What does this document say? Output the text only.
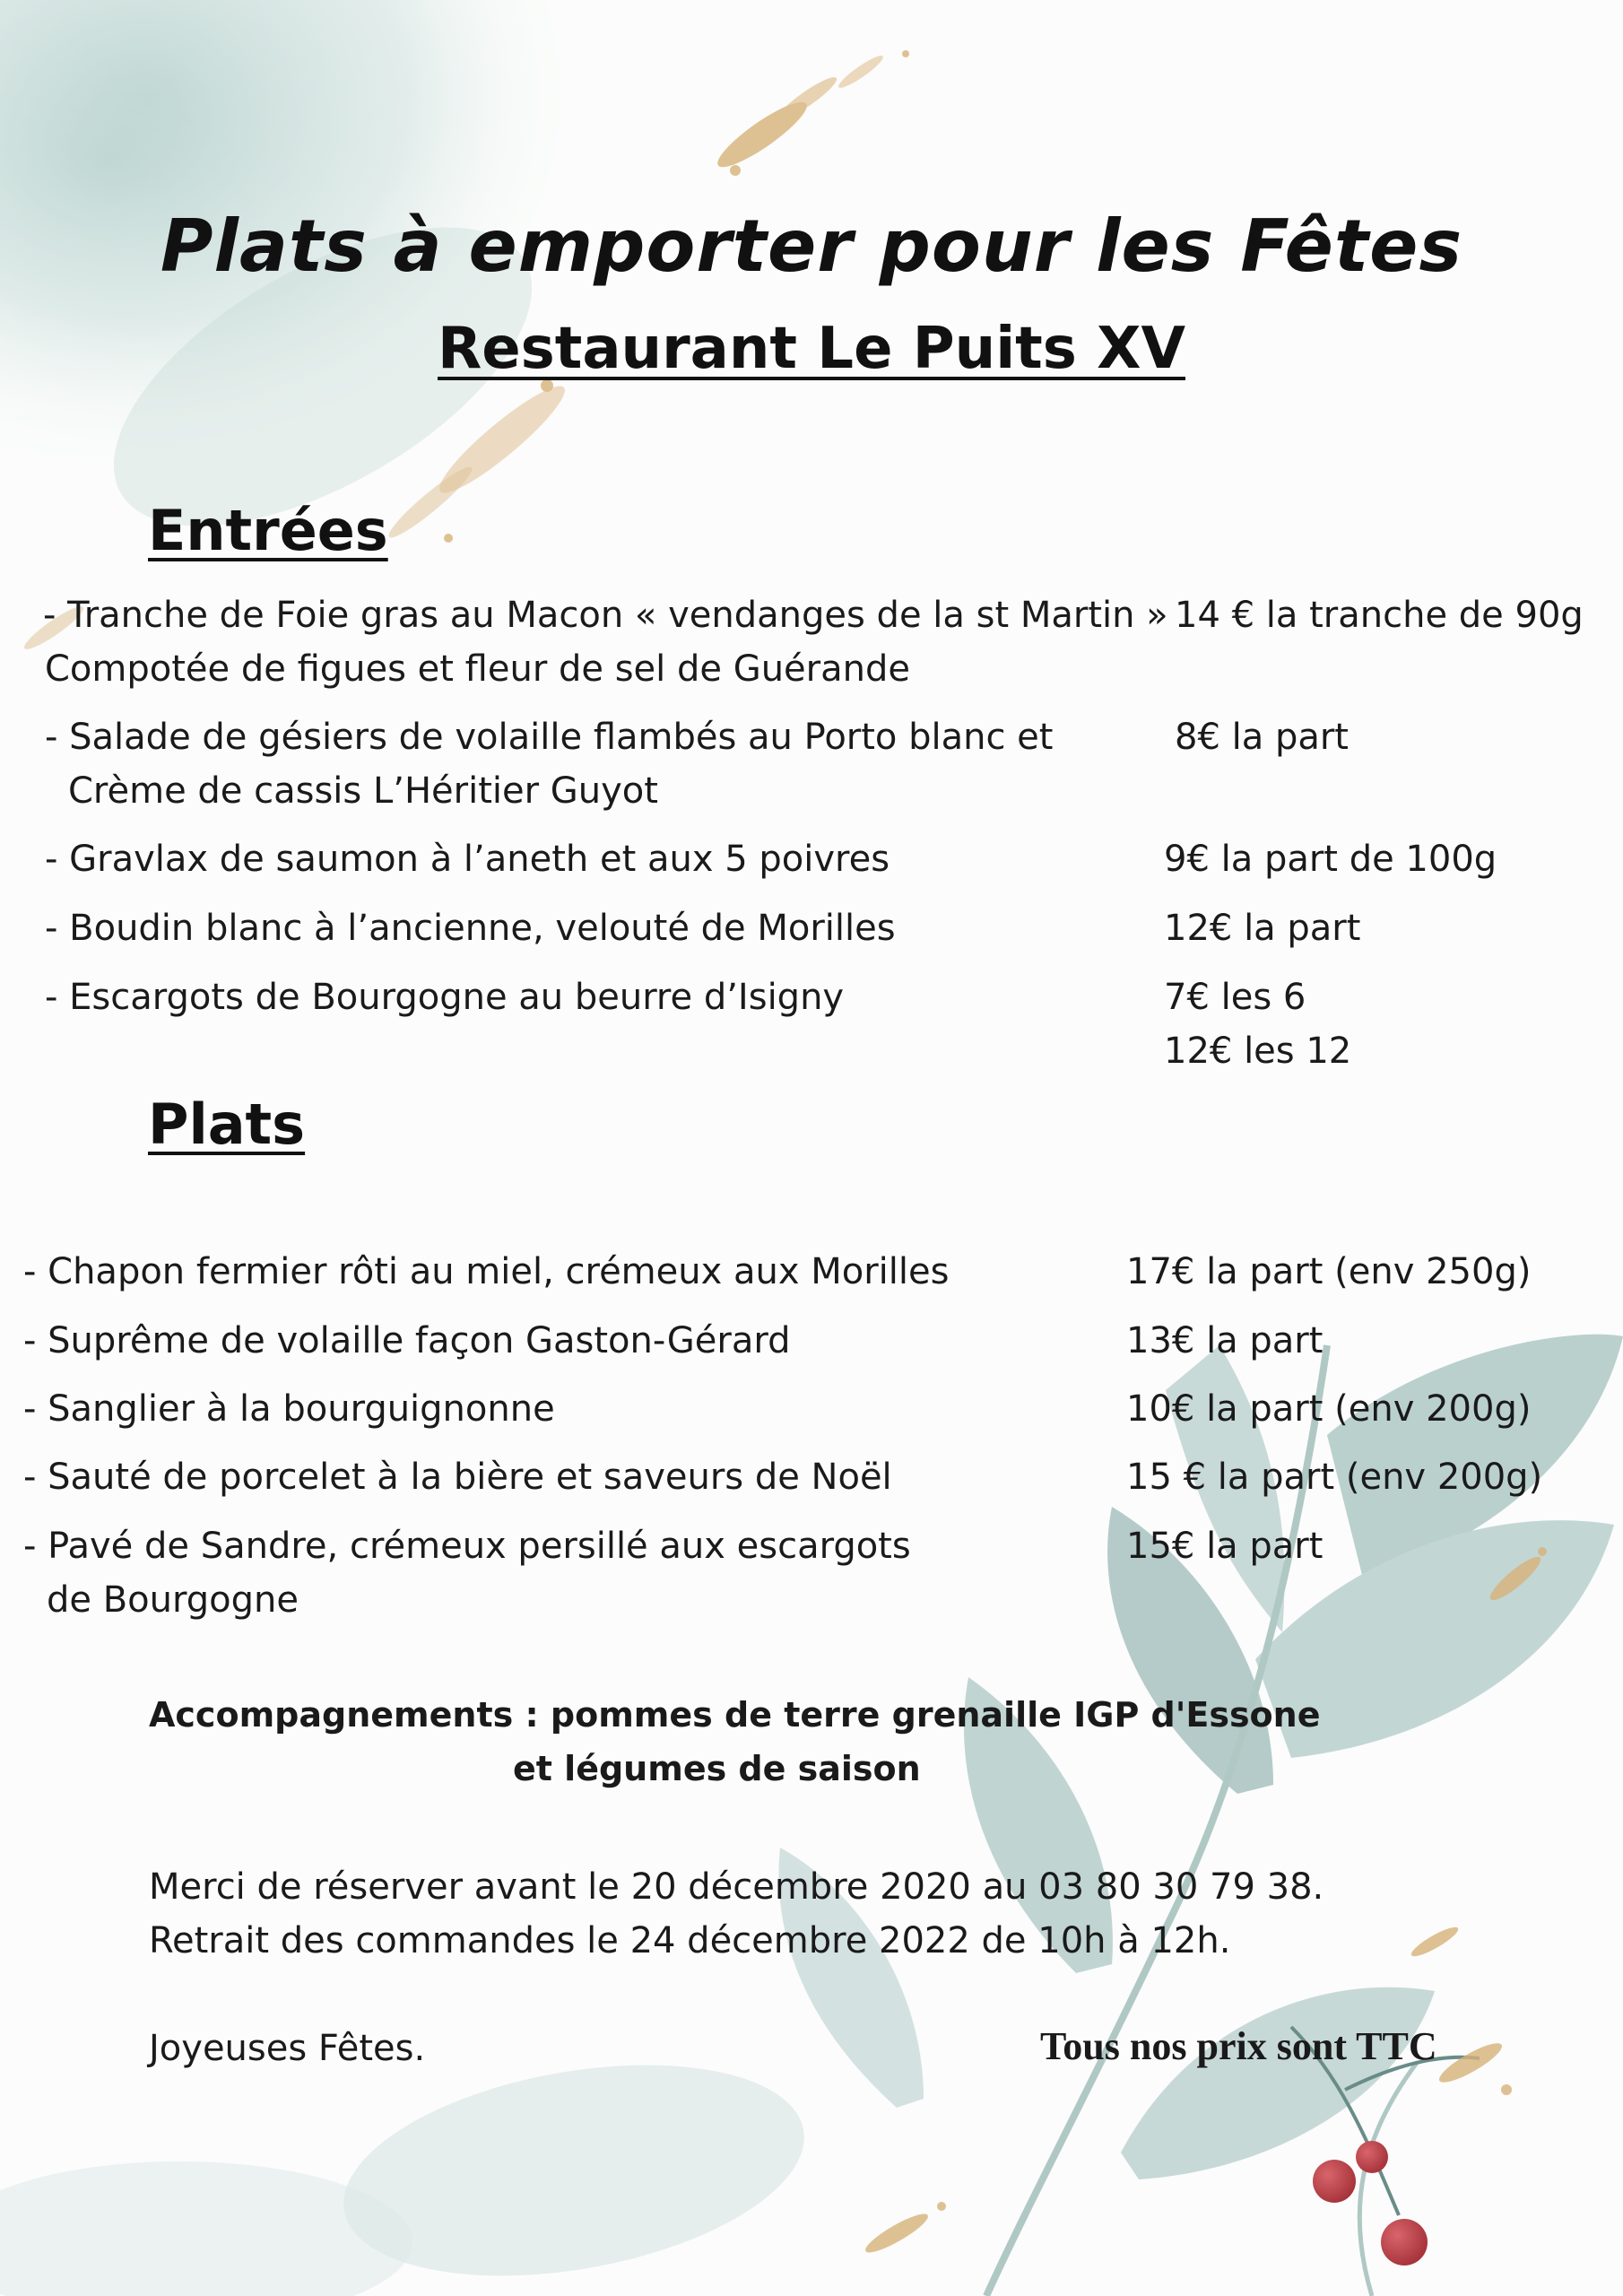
Plats à emporter pour les Fêtes
Restaurant Le Puits XV
Entrées
- Tranche de Foie gras au Macon « vendanges de la st Martin » 14 € la tranche de 90g
Compotée de figues et fleur de sel de Guérande
- Salade de gésiers de volaille flambés au Porto blanc et	8€ la part
Crème de cassis L’Héritier Guyot
- Gravlax de saumon à l’aneth et aux 5 poivres	9€ la part de 100g
- Boudin blanc à l’ancienne, velouté de Morilles	12€ la part
- Escargots de Bourgogne au beurre d’Isigny	7€ les 6
12€ les 12
Plats
- Chapon fermier rôti au miel, crémeux aux Morilles	17€ la part (env 250g)
- Suprême de volaille façon Gaston-Gérard	13€ la part
- Sanglier à la bourguignonne	10€ la part (env 200g)
- Sauté de porcelet à la bière et saveurs de Noël	15 € la part (env 200g)
- Pavé de Sandre, crémeux persillé aux escargots	15€ la part
de Bourgogne
Accompagnements : pommes de terre grenaille IGP d'Essone
et légumes de saison
Merci de réserver avant le 20 décembre 2020 au 03 80 30 79 38.
Retrait des commandes le 24 décembre 2022 de 10h à 12h.
Joyeuses Fêtes.	Tous nos prix sont TTC
